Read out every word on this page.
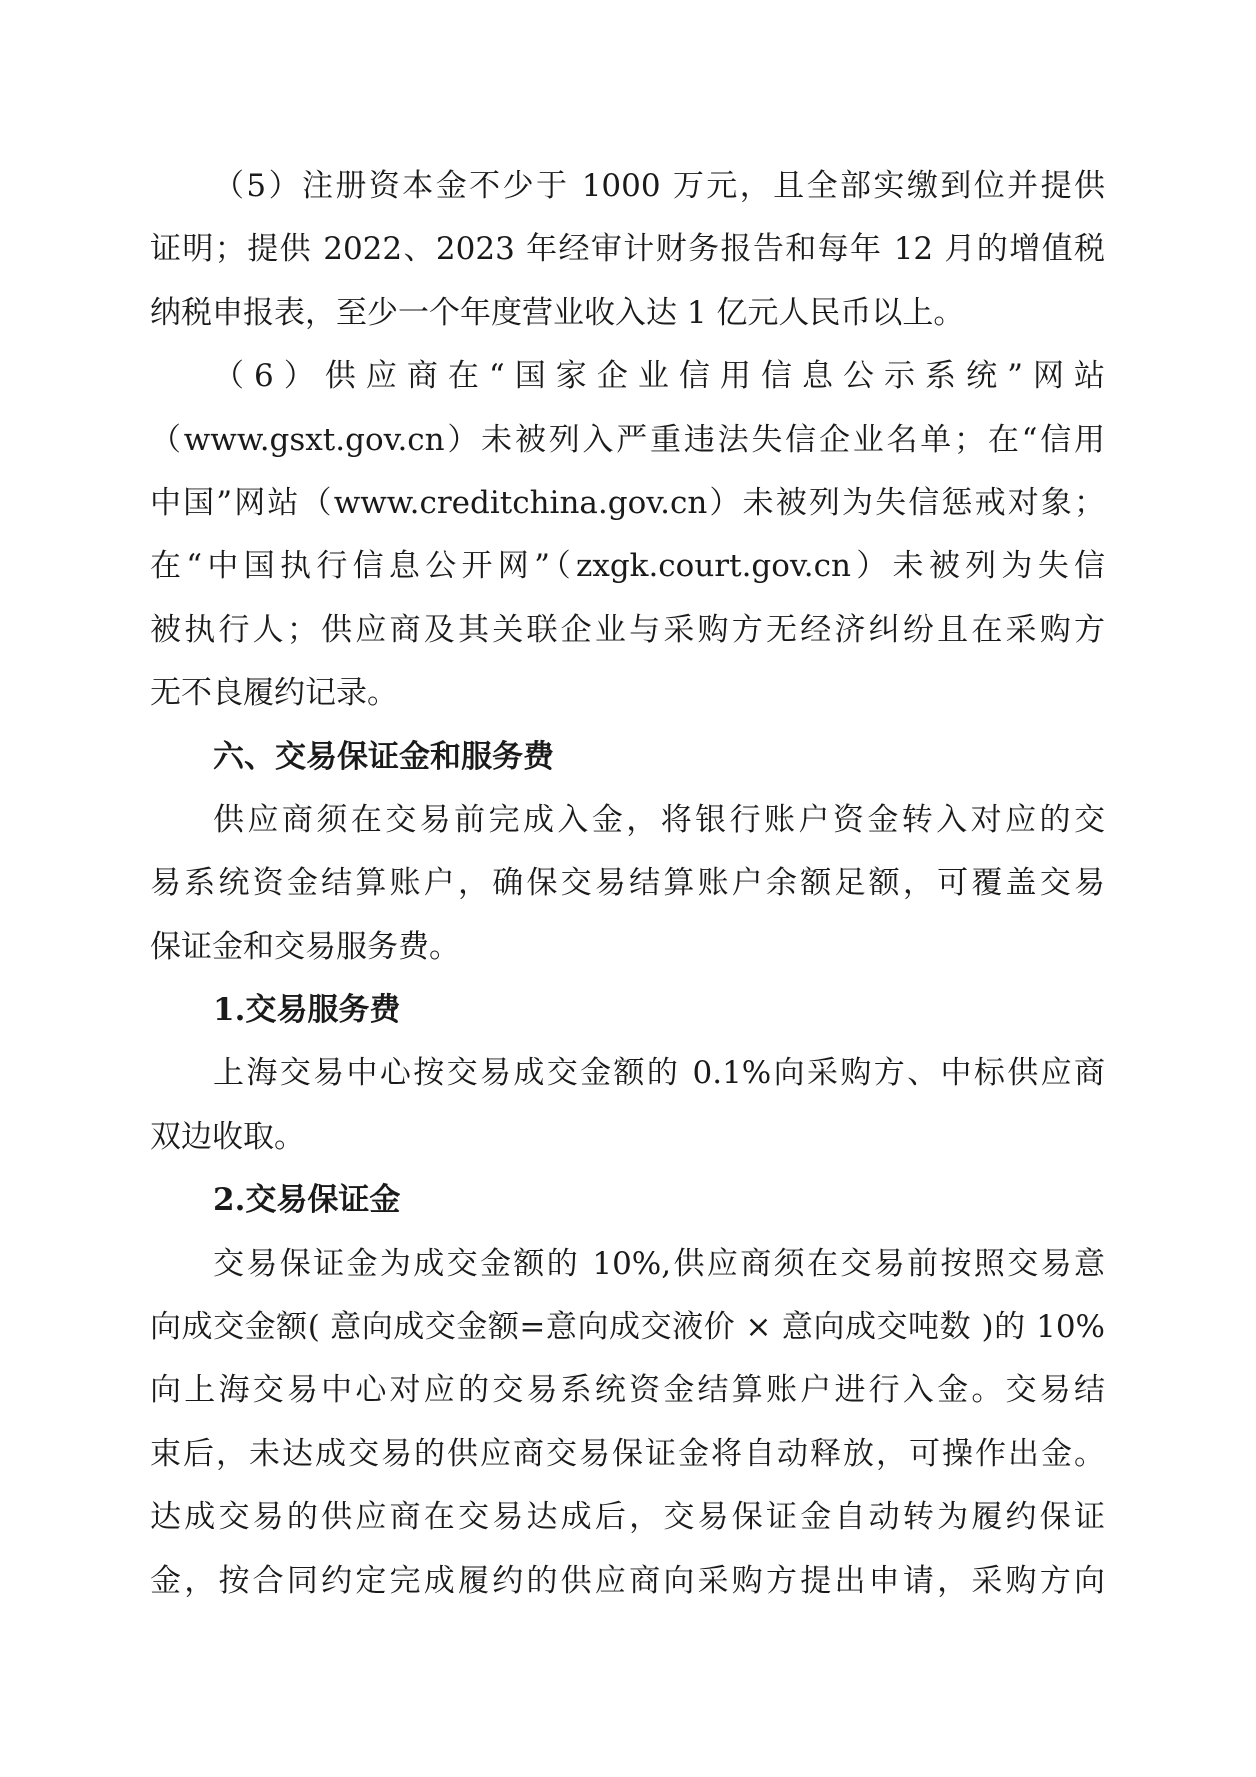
（5）注册资本金不少于 1000 万元，且全部实缴到位并提供
证明；提供 2022、2023 年经审计财务报告和每年 12 月的增值税
纳税申报表，至少一个年度营业收入达 1 亿元人民币以上。
（6）供应商在“国家企业信用信息公示系统”网站
（www.gsxt.gov.cn）未被列入严重违法失信企业名单；在“信用
中国”网站（www.creditchina.gov.cn）未被列为失信惩戒对象；
在“中国执行信息公开网”（zxgk.court.gov.cn）未被列为失信
被执行人；供应商及其关联企业与采购方无经济纠纷且在采购方
无不良履约记录。
六、交易保证金和服务费
供应商须在交易前完成入金，将银行账户资金转入对应的交
易系统资金结算账户，确保交易结算账户余额足额，可覆盖交易
保证金和交易服务费。
1.交易服务费
上海交易中心按交易成交金额的 0.1%向采购方、中标供应商
双边收取。
2.交易保证金
交易保证金为成交金额的 10%,供应商须在交易前按照交易意
向成交金额( 意向成交金额=意向成交液价 × 意向成交吨数 )的 10%
向上海交易中心对应的交易系统资金结算账户进行入金。交易结
束后，未达成交易的供应商交易保证金将自动释放，可操作出金。
达成交易的供应商在交易达成后，交易保证金自动转为履约保证
金，按合同约定完成履约的供应商向采购方提出申请，采购方向
